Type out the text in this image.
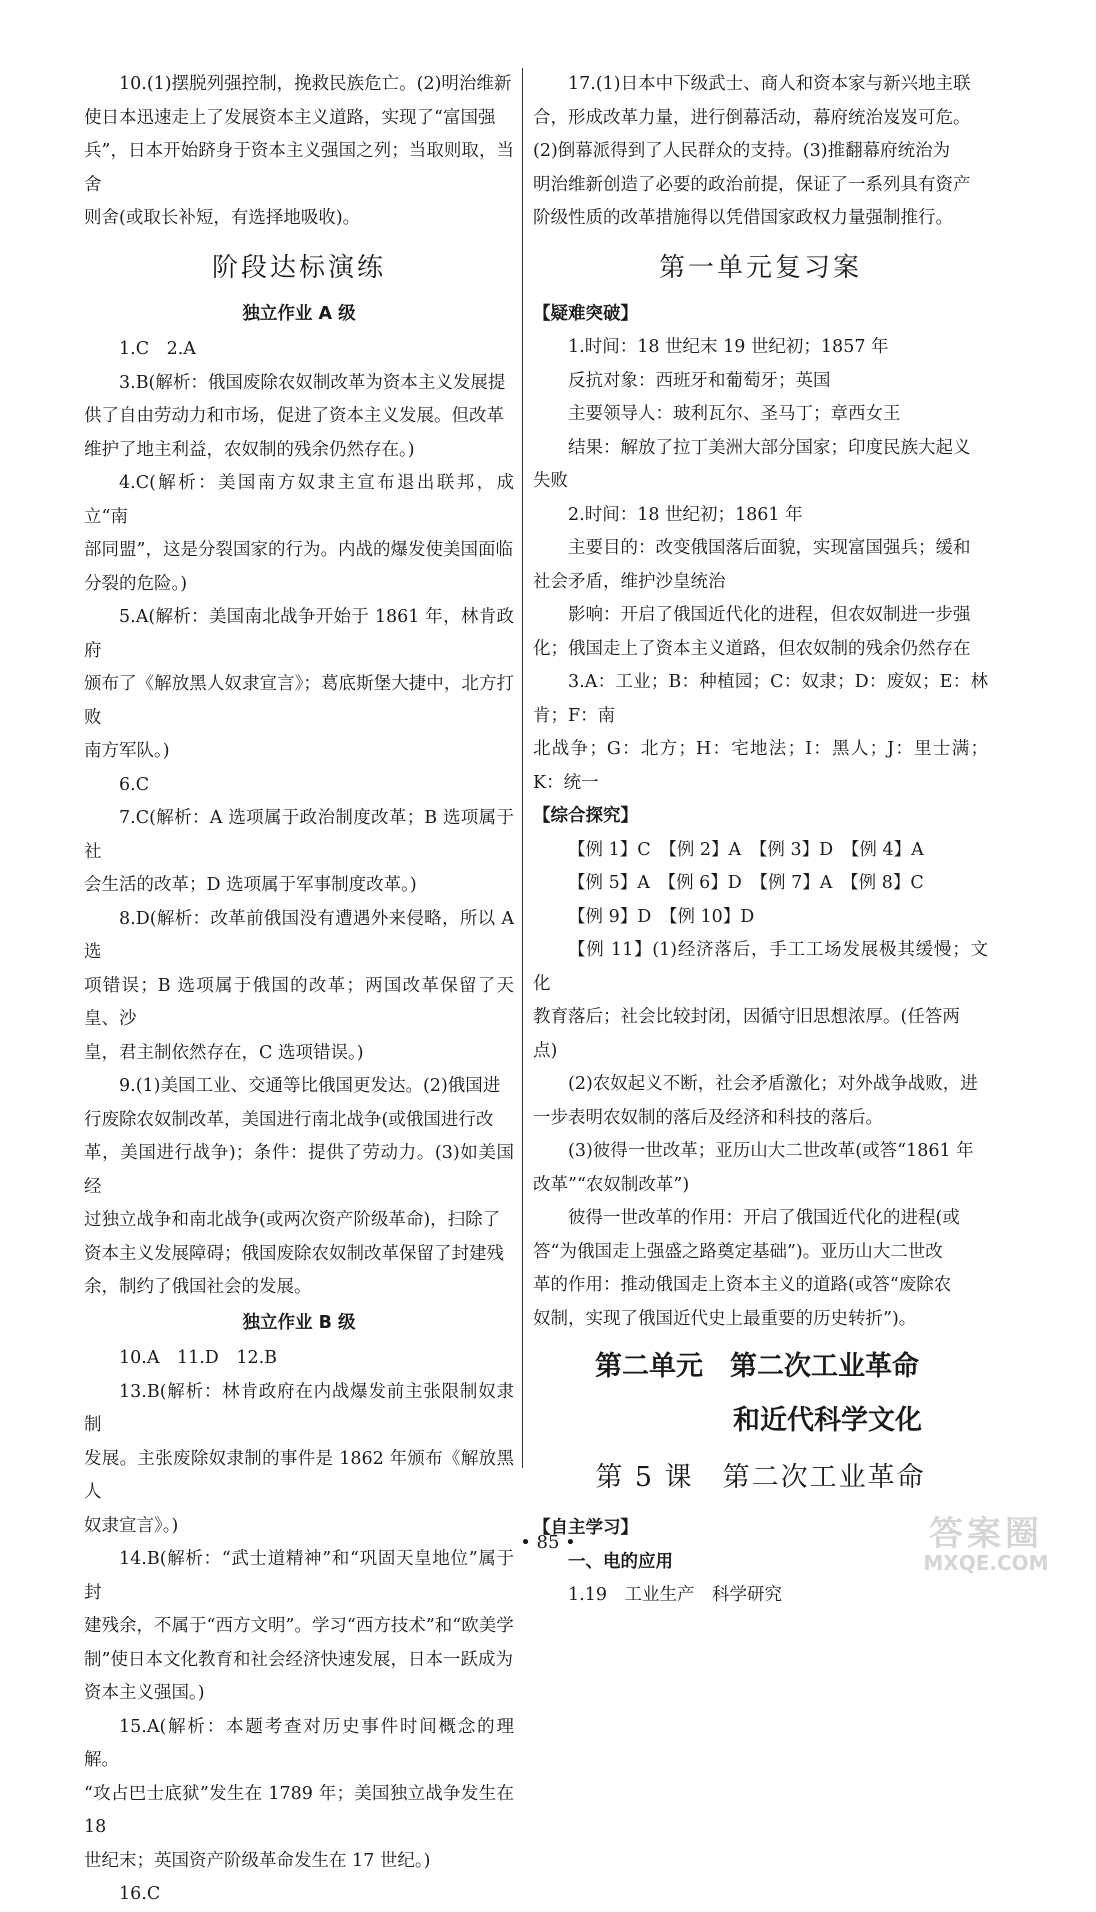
10.(1)摆脱列强控制，挽救民族危亡。(2)明治维新

使日本迅速走上了发展资本主义道路，实现了“富国强

兵”，日本开始跻身于资本主义强国之列；当取则取，当舍

则舍(或取长补短，有选择地吸收)。

阶段达标演练
独立作业 A 级

1.C　2.A

3.B(解析：俄国废除农奴制改革为资本主义发展提

供了自由劳动力和市场，促进了资本主义发展。但改革

维护了地主利益，农奴制的残余仍然存在。)

4.C(解析：美国南方奴隶主宣布退出联邦，成立“南

部同盟”，这是分裂国家的行为。内战的爆发使美国面临

分裂的危险。)

5.A(解析：美国南北战争开始于 1861 年，林肯政府

颁布了《解放黑人奴隶宣言》；葛底斯堡大捷中，北方打败

南方军队。)

6.C

7.C(解析：A 选项属于政治制度改革；B 选项属于社

会生活的改革；D 选项属于军事制度改革。)

8.D(解析：改革前俄国没有遭遇外来侵略，所以 A 选

项错误；B 选项属于俄国的改革；两国改革保留了天皇、沙

皇，君主制依然存在，C 选项错误。)

9.(1)美国工业、交通等比俄国更发达。(2)俄国进

行废除农奴制改革，美国进行南北战争(或俄国进行改

革，美国进行战争)；条件：提供了劳动力。(3)如美国经

过独立战争和南北战争(或两次资产阶级革命)，扫除了

资本主义发展障碍；俄国废除农奴制改革保留了封建残

余，制约了俄国社会的发展。

独立作业 B 级

10.A　11.D　12.B

13.B(解析：林肯政府在内战爆发前主张限制奴隶制

发展。主张废除奴隶制的事件是 1862 年颁布《解放黑人

奴隶宣言》。)

14.B(解析：“武士道精神”和“巩固天皇地位”属于封

建残余，不属于“西方文明”。学习“西方技术”和“欧美学

制”使日本文化教育和社会经济快速发展，日本一跃成为

资本主义强国。)

15.A(解析：本题考查对历史事件时间概念的理解。

“攻占巴士底狱”发生在 1789 年；美国独立战争发生在 18

世纪末；英国资产阶级革命发生在 17 世纪。)

16.C

17.(1)日本中下级武士、商人和资本家与新兴地主联

合，形成改革力量，进行倒幕活动，幕府统治岌岌可危。

(2)倒幕派得到了人民群众的支持。(3)推翻幕府统治为

明治维新创造了必要的政治前提，保证了一系列具有资产

阶级性质的改革措施得以凭借国家政权力量强制推行。

第一单元复习案

【疑难突破】

1.时间：18 世纪末 19 世纪初；1857 年

反抗对象：西班牙和葡萄牙；英国

主要领导人：玻利瓦尔、圣马丁；章西女王

结果：解放了拉丁美洲大部分国家；印度民族大起义

失败

2.时间：18 世纪初；1861 年

主要目的：改变俄国落后面貌，实现富国强兵；缓和

社会矛盾，维护沙皇统治

影响：开启了俄国近代化的进程，但农奴制进一步强

化；俄国走上了资本主义道路，但农奴制的残余仍然存在

3.A：工业；B：种植园；C：奴隶；D：废奴；E：林肯；F：南

北战争；G：北方；H：宅地法；I：黑人；J：里士满；K：统一

【综合探究】

【例 1】C　【例 2】A　【例 3】D　【例 4】A

【例 5】A　【例 6】D　【例 7】A　【例 8】C

【例 9】D　【例 10】D

【例 11】(1)经济落后，手工工场发展极其缓慢；文化

教育落后；社会比较封闭，因循守旧思想浓厚。(任答两

点)

(2)农奴起义不断，社会矛盾激化；对外战争战败，进

一步表明农奴制的落后及经济和科技的落后。

(3)彼得一世改革；亚历山大二世改革(或答“1861 年

改革”“农奴制改革”)

彼得一世改革的作用：开启了俄国近代化的进程(或

答“为俄国走上强盛之路奠定基础”)。亚历山大二世改

革的作用：推动俄国走上资本主义的道路(或答“废除农

奴制，实现了俄国近代史上最重要的历史转折”)。

第二单元　第二次工业革命
和近代科学文化
第 5 课　第二次工业革命

【自主学习】

一、电的应用

1.19　工业生产　科学研究

• 85 •	答案圈
MXQE.COM
